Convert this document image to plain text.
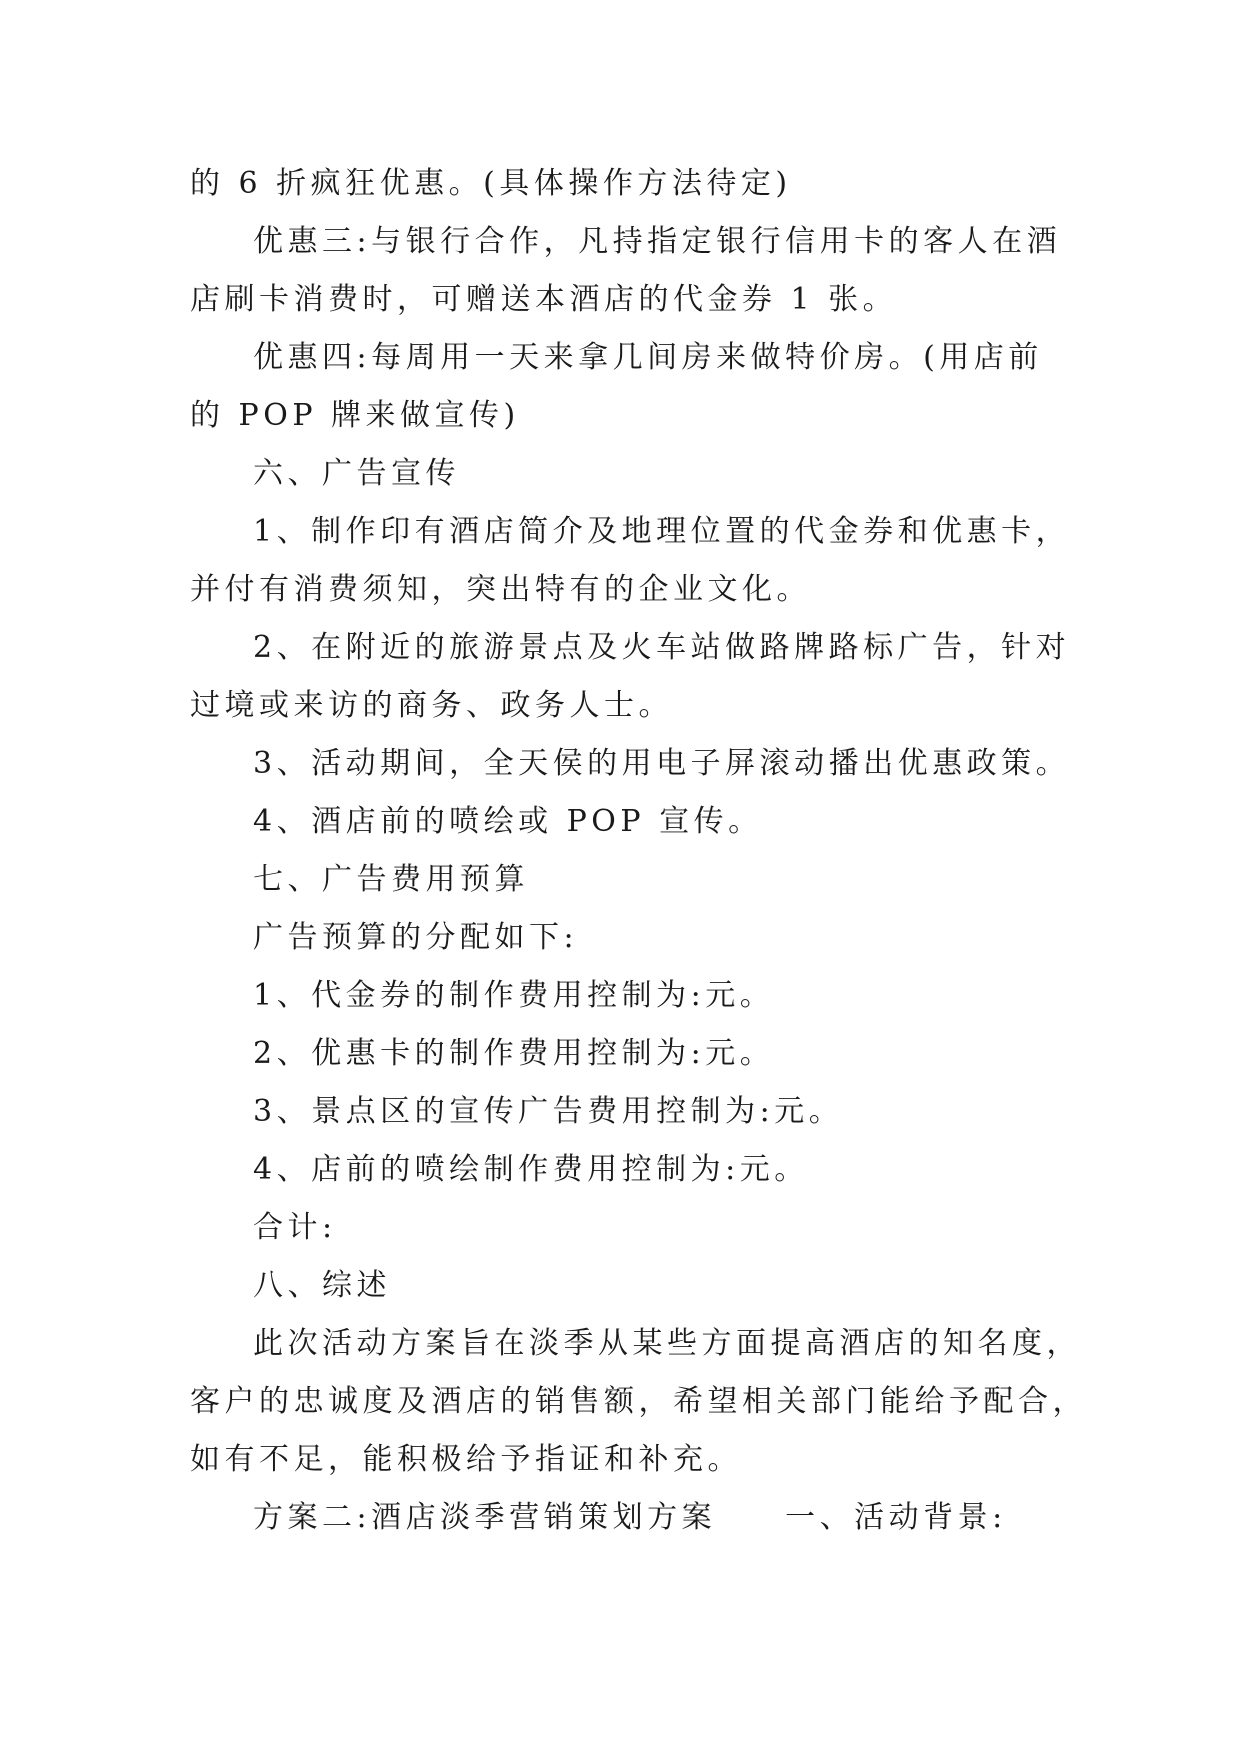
的 6 折疯狂优惠。(具体操作方法待定)
优惠三:与银行合作，凡持指定银行信用卡的客人在酒
店刷卡消费时，可赠送本酒店的代金券 1 张。
优惠四:每周用一天来拿几间房来做特价房。(用店前
的 POP 牌来做宣传)
六、广告宣传
1、制作印有酒店简介及地理位置的代金券和优惠卡，
并付有消费须知，突出特有的企业文化。
2、在附近的旅游景点及火车站做路牌路标广告，针对
过境或来访的商务、政务人士。
3、活动期间，全天侯的用电子屏滚动播出优惠政策。
4、酒店前的喷绘或 POP 宣传。
七、广告费用预算
广告预算的分配如下:
1、代金券的制作费用控制为:元。
2、优惠卡的制作费用控制为:元。
3、景点区的宣传广告费用控制为:元。
4、店前的喷绘制作费用控制为:元。
合计:
八、综述
此次活动方案旨在淡季从某些方面提高酒店的知名度，
客户的忠诚度及酒店的销售额，希望相关部门能给予配合，
如有不足，能积极给予指证和补充。
方案二:酒店淡季营销策划方案　　一、活动背景:
